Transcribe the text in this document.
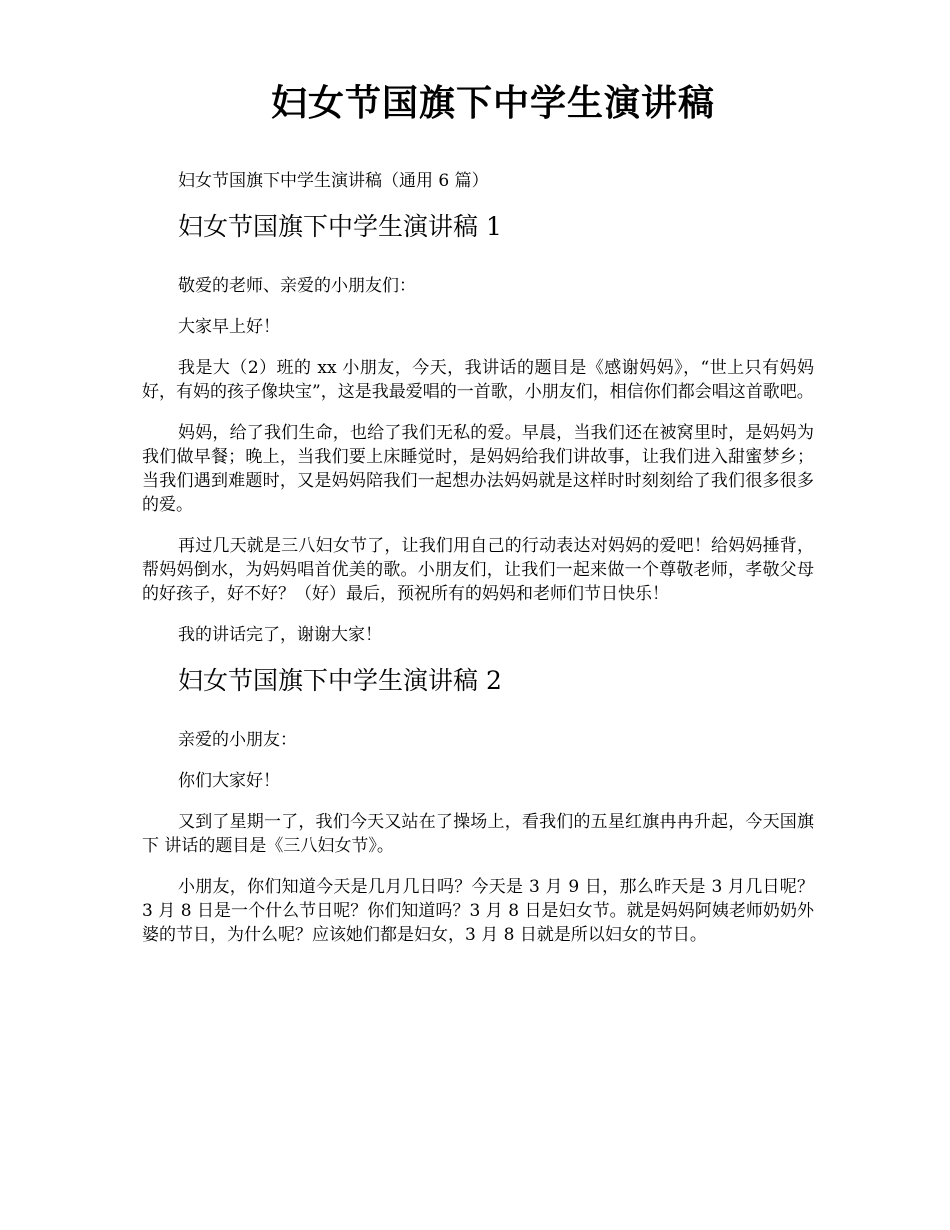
妇女节国旗下中学生演讲稿

妇女节国旗下中学生演讲稿（通用 6 篇）

妇女节国旗下中学生演讲稿 1

敬爱的老师、亲爱的小朋友们：

大家早上好！

我是大（2）班的 xx 小朋友，今天，我讲话的题目是《感谢妈妈》，“世上只有妈妈好，有妈的孩子像块宝”，这是我最爱唱的一首歌，小朋友们，相信你们都会唱这首歌吧。

妈妈，给了我们生命，也给了我们无私的爱。早晨，当我们还在被窝里时，是妈妈为我们做早餐；晚上，当我们要上床睡觉时，是妈妈给我们讲故事，让我们进入甜蜜梦乡；当我们遇到难题时，又是妈妈陪我们一起想办法妈妈就是这样时时刻刻给了我们很多很多的爱。

再过几天就是三八妇女节了，让我们用自己的行动表达对妈妈的爱吧！给妈妈捶背，帮妈妈倒水，为妈妈唱首优美的歌。小朋友们，让我们一起来做一个尊敬老师，孝敬父母的好孩子，好不好？（好）最后，预祝所有的妈妈和老师们节日快乐！

我的讲话完了，谢谢大家！

妇女节国旗下中学生演讲稿 2

亲爱的小朋友：

你们大家好！

又到了星期一了，我们今天又站在了操场上，看我们的五星红旗冉冉升起，今天国旗下 讲话的题目是《三八妇女节》。

小朋友，你们知道今天是几月几日吗？今天是 3 月 9 日，那么昨天是 3 月几日呢？3 月 8 日是一个什么节日呢？你们知道吗？3 月 8 日是妇女节。就是妈妈阿姨老师奶奶外婆的节日，为什么呢？应该她们都是妇女，3 月 8 日就是所以妇女的节日。
